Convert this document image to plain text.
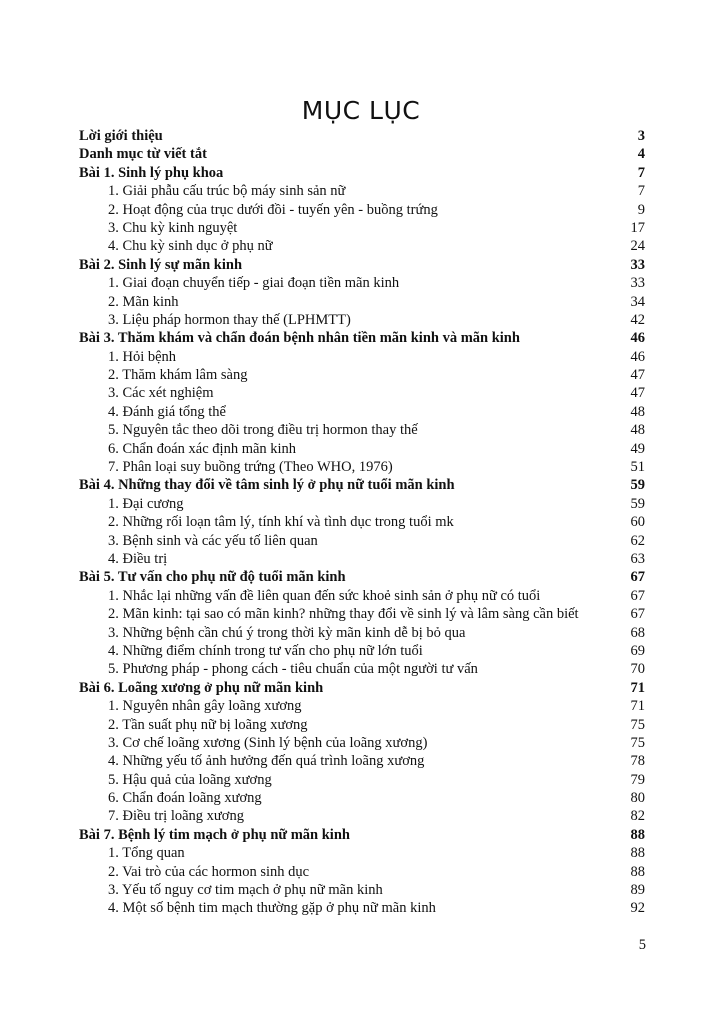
MỤC LỤC
Lời giới thiệu	3
Danh mục từ viết tắt	4
Bài 1. Sinh lý phụ khoa	7
1. Giải phẫu cấu trúc bộ máy sinh sản nữ	7
2. Hoạt động của trục dưới đồi - tuyến yên - buồng trứng	9
3. Chu kỳ kinh nguyệt	17
4. Chu kỳ sinh dục ở phụ nữ	24
Bài 2. Sinh lý sự mãn kinh	33
1. Giai đoạn chuyển tiếp - giai đoạn tiền mãn kinh	33
2. Mãn kinh	34
3. Liệu pháp hormon thay thế (LPHMTT)	42
Bài 3. Thăm khám và chẩn đoán bệnh nhân tiền mãn kinh và mãn kinh	46
1. Hỏi bệnh	46
2. Thăm khám lâm sàng	47
3. Các xét nghiệm	47
4. Đánh giá tổng thể	48
5. Nguyên tắc theo dõi trong điều trị hormon thay thế	48
6. Chẩn đoán xác định mãn kinh	49
7. Phân loại suy buồng trứng (Theo WHO, 1976)	51
Bài 4. Những thay đổi về tâm sinh lý ở phụ nữ tuổi mãn kinh	59
1. Đại cương	59
2. Những rối loạn tâm lý, tính khí và tình dục trong tuổi mk	60
3. Bệnh sinh và các yếu tố liên quan	62
4. Điều trị	63
Bài 5. Tư vấn cho phụ nữ độ tuổi mãn kinh	67
1. Nhắc lại những vấn đề liên quan đến sức khoẻ sinh sản ở phụ nữ có tuổi	67
2. Mãn kinh: tại sao có mãn kinh? những thay đổi về sinh lý và lâm sàng cần biết	67
3. Những bệnh cần chú ý trong thời kỳ mãn kinh dễ bị bỏ qua	68
4. Những điểm chính trong tư vấn cho phụ nữ lớn tuổi	69
5. Phương pháp - phong cách - tiêu chuẩn của một người tư vấn	70
Bài 6. Loãng xương ở phụ nữ mãn kinh	71
1. Nguyên nhân gây loãng xương	71
2. Tần suất phụ nữ bị loãng xương	75
3. Cơ chế loãng xương (Sinh lý bệnh của loãng xương)	75
4. Những yếu tố ảnh hưởng đến quá trình loãng xương	78
5. Hậu quả của loãng xương	79
6. Chẩn đoán loãng xương	80
7. Điều trị loãng xương	82
Bài 7. Bệnh lý tim mạch ở phụ nữ mãn kinh	88
1. Tổng quan	88
2. Vai trò của các hormon sinh dục	88
3. Yếu tố nguy cơ tim mạch ở phụ nữ mãn kinh	89
4. Một số bệnh tim mạch thường gặp ở phụ nữ mãn kinh	92
5
